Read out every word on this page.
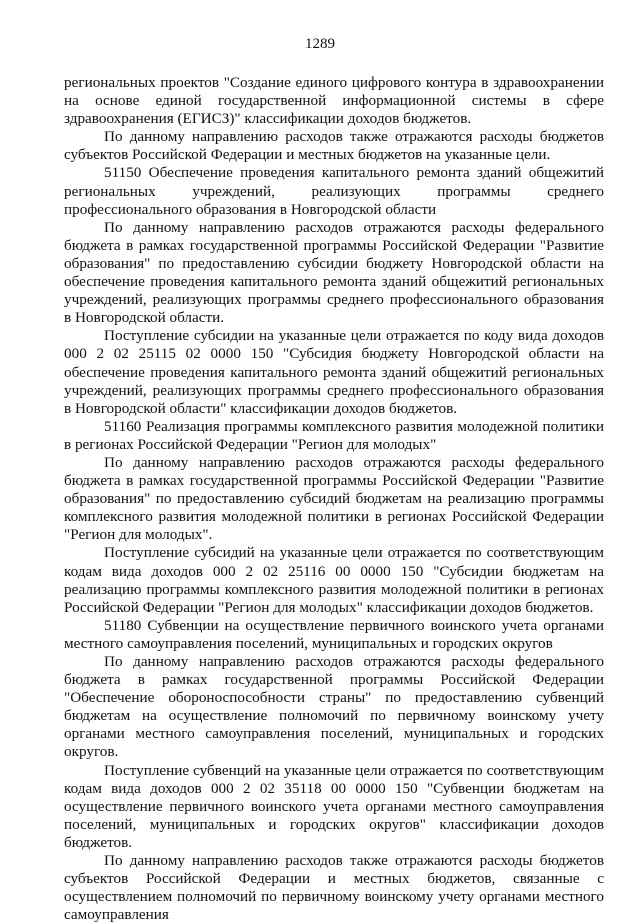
1289

региональных проектов "Создание единого цифрового контура в здравоохранении на основе единой государственной информационной системы в сфере здравоохранения (ЕГИСЗ)" классификации доходов бюджетов.

По данному направлению расходов также отражаются расходы бюджетов субъектов Российской Федерации и местных бюджетов на указанные цели.

51150 Обеспечение проведения капитального ремонта зданий общежитий региональных учреждений, реализующих программы среднего профессионального образования в Новгородской области

По данному направлению расходов отражаются расходы федерального бюджета в рамках государственной программы Российской Федерации "Развитие образования" по предоставлению субсидии бюджету Новгородской области на обеспечение проведения капитального ремонта зданий общежитий региональных учреждений, реализующих программы среднего профессионального образования в Новгородской области.

Поступление субсидии на указанные цели отражается по коду вида доходов 000 2 02 25115 02 0000 150 "Субсидия бюджету Новгородской области на обеспечение проведения капитального ремонта зданий общежитий региональных учреждений, реализующих программы среднего профессионального образования в Новгородской области" классификации доходов бюджетов.

51160 Реализация программы комплексного развития молодежной политики в регионах Российской Федерации "Регион для молодых"

По данному направлению расходов отражаются расходы федерального бюджета в рамках государственной программы Российской Федерации "Развитие образования" по предоставлению субсидий бюджетам на реализацию программы комплексного развития молодежной политики в регионах Российской Федерации "Регион для молодых".

Поступление субсидий на указанные цели отражается по соответствующим кодам вида доходов 000 2 02 25116 00 0000 150 "Субсидии бюджетам на реализацию программы комплексного развития молодежной политики в регионах Российской Федерации "Регион для молодых" классификации доходов бюджетов.

51180 Субвенции на осуществление первичного воинского учета органами местного самоуправления поселений, муниципальных и городских округов

По данному направлению расходов отражаются расходы федерального бюджета в рамках государственной программы Российской Федерации "Обеспечение обороноспособности страны" по предоставлению субвенций бюджетам на осуществление полномочий по первичному воинскому учету органами местного самоуправления поселений, муниципальных и городских округов.

Поступление субвенций на указанные цели отражается по соответствующим кодам вида доходов 000 2 02 35118 00 0000 150 "Субвенции бюджетам на осуществление первичного воинского учета органами местного самоуправления поселений, муниципальных и городских округов" классификации доходов бюджетов.

По данному направлению расходов также отражаются расходы бюджетов субъектов Российской Федерации и местных бюджетов, связанные с осуществлением полномочий по первичному воинскому учету органами местного самоуправления
